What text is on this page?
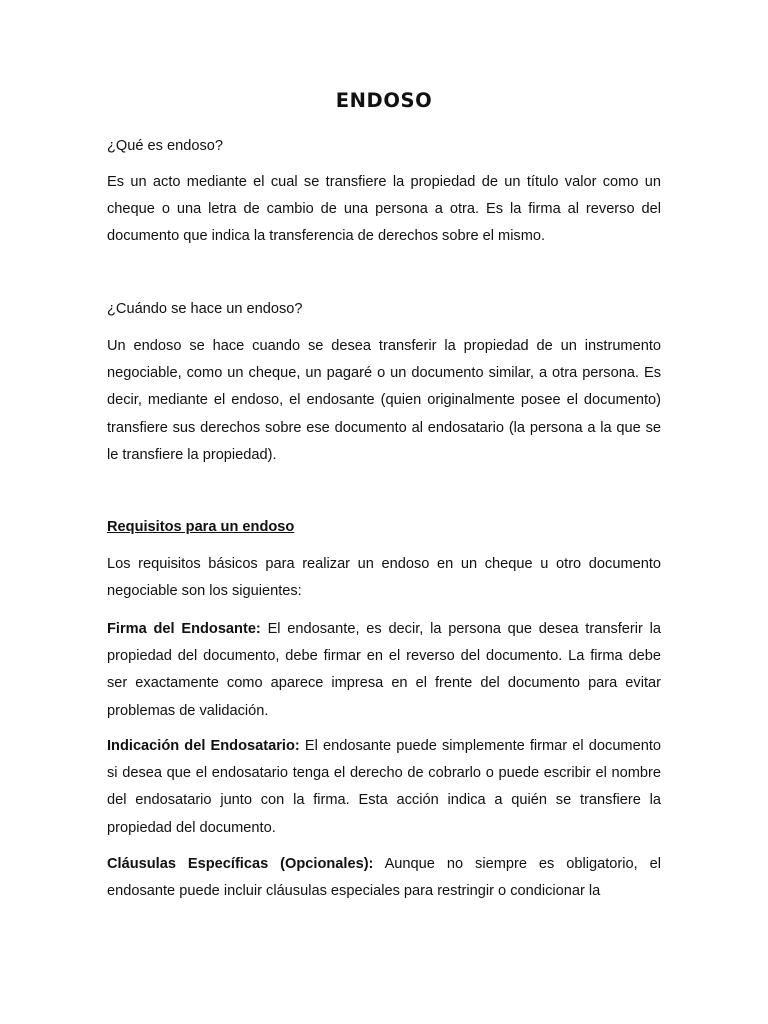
ENDOSO
¿Qué es endoso?
Es un acto mediante el cual se transfiere la propiedad de un título valor como un cheque o una letra de cambio de una persona a otra. Es la firma al reverso del documento que indica la transferencia de derechos sobre el mismo.
¿Cuándo se hace un endoso?
Un endoso se hace cuando se desea transferir la propiedad de un instrumento negociable, como un cheque, un pagaré o un documento similar, a otra persona. Es decir, mediante el endoso, el endosante (quien originalmente posee el documento) transfiere sus derechos sobre ese documento al endosatario (la persona a la que se le transfiere la propiedad).
Requisitos para un endoso
Los requisitos básicos para realizar un endoso en un cheque u otro documento negociable son los siguientes:
Firma del Endosante: El endosante, es decir, la persona que desea transferir la propiedad del documento, debe firmar en el reverso del documento. La firma debe ser exactamente como aparece impresa en el frente del documento para evitar problemas de validación.
Indicación del Endosatario: El endosante puede simplemente firmar el documento si desea que el endosatario tenga el derecho de cobrarlo o puede escribir el nombre del endosatario junto con la firma. Esta acción indica a quién se transfiere la propiedad del documento.
Cláusulas Específicas (Opcionales): Aunque no siempre es obligatorio, el endosante puede incluir cláusulas especiales para restringir o condicionar la
